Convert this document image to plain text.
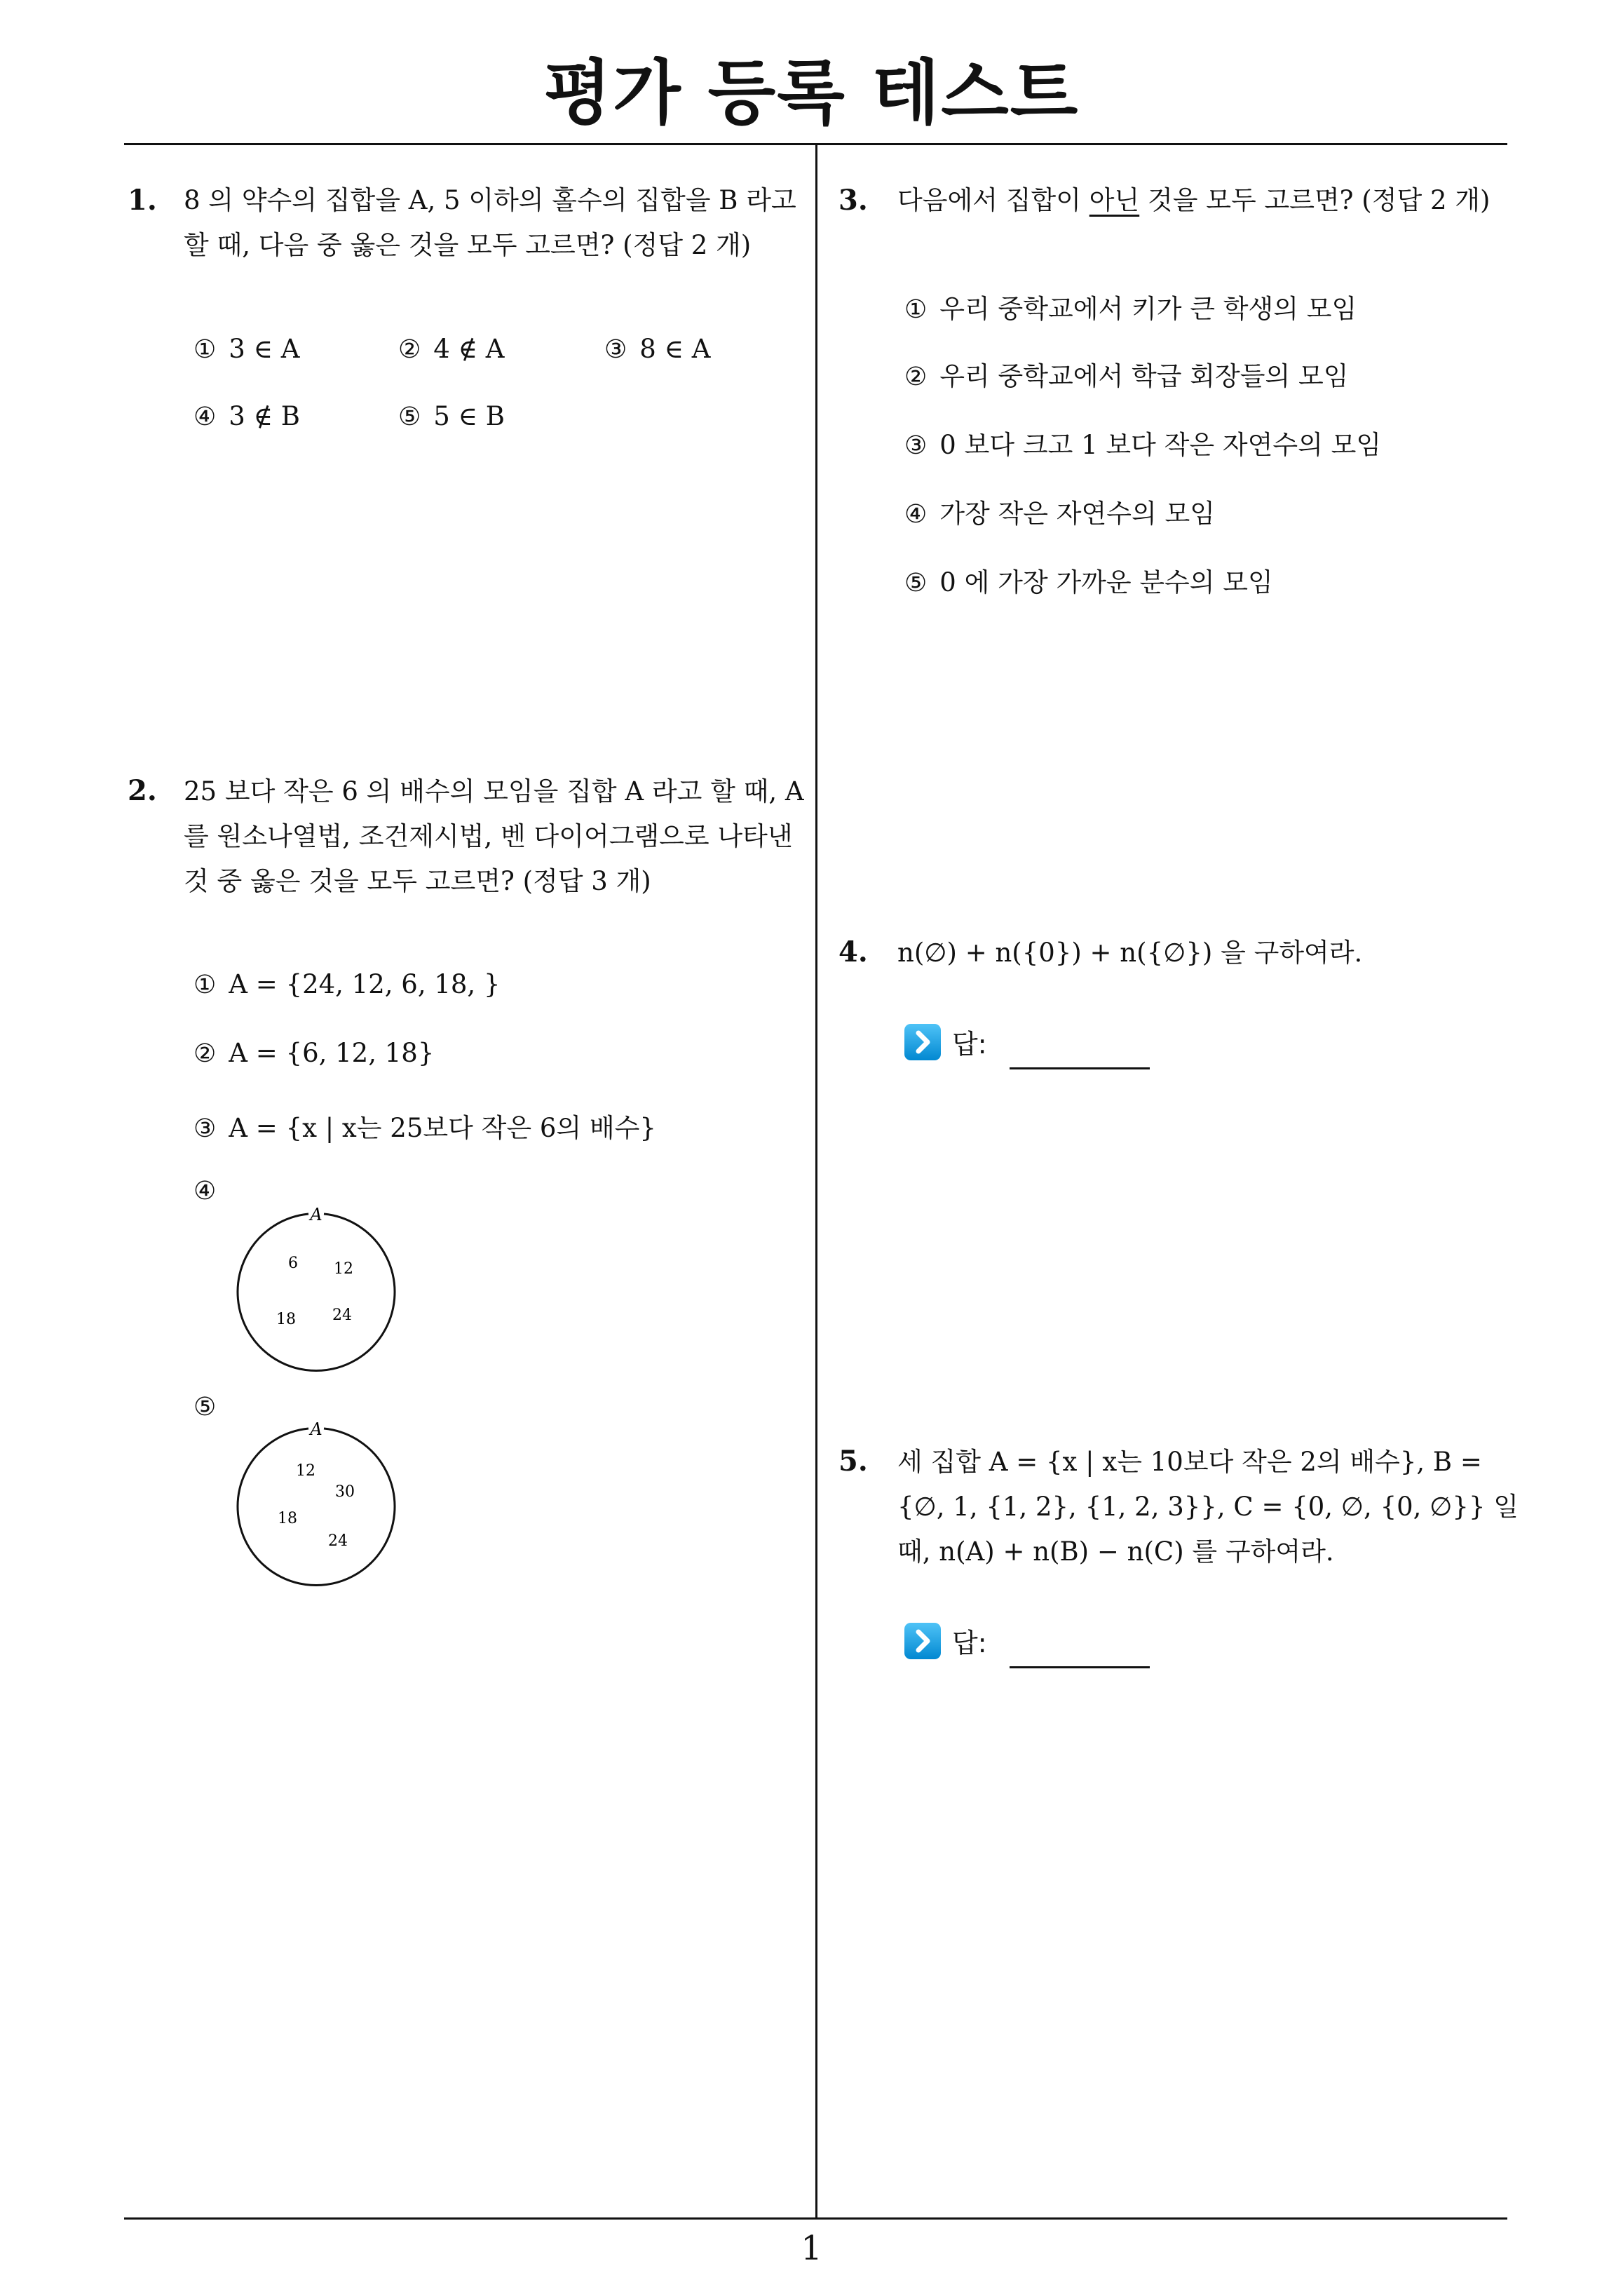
평가 등록 테스트
1
1. 8 의 약수의 집합을 A, 5 이하의 홀수의 집합을 B 라고
할 때, 다음 중 옳은 것을 모두 고르면? (정답 2 개)
① 3 ∈ A	② 4 ∉ A	③ 8 ∈ A
④ 3 ∉ B	⑤ 5 ∈ B
2. 25 보다 작은 6 의 배수의 모임을 집합 A 라고 할 때, A
를 원소나열법, 조건제시법, 벤 다이어그램으로 나타낸
것 중 옳은 것을 모두 고르면? (정답 3 개)
① A = {24, 12, 6, 18, }
② A = {6, 12, 18}
③ A = {x | x는 25보다 작은 6의 배수}
④
A
6 12
18 24
⑤
A
12
30
18
24
3. 다음에서 집합이 아닌 것을 모두 고르면? (정답 2 개)
① 우리 중학교에서 키가 큰 학생의 모임
② 우리 중학교에서 학급 회장들의 모임
③ 0 보다 크고 1 보다 작은 자연수의 모임
④ 가장 작은 자연수의 모임
⑤ 0 에 가장 가까운 분수의 모임
4. n(∅) + n({0}) + n({∅}) 을 구하여라.
답:
5. 세 집합 A = {x | x는 10보다 작은 2의 배수}, B =
{∅, 1, {1, 2}, {1, 2, 3}}, C = {0, ∅, {0, ∅}} 일
때, n(A) + n(B) − n(C) 를 구하여라.
답:
